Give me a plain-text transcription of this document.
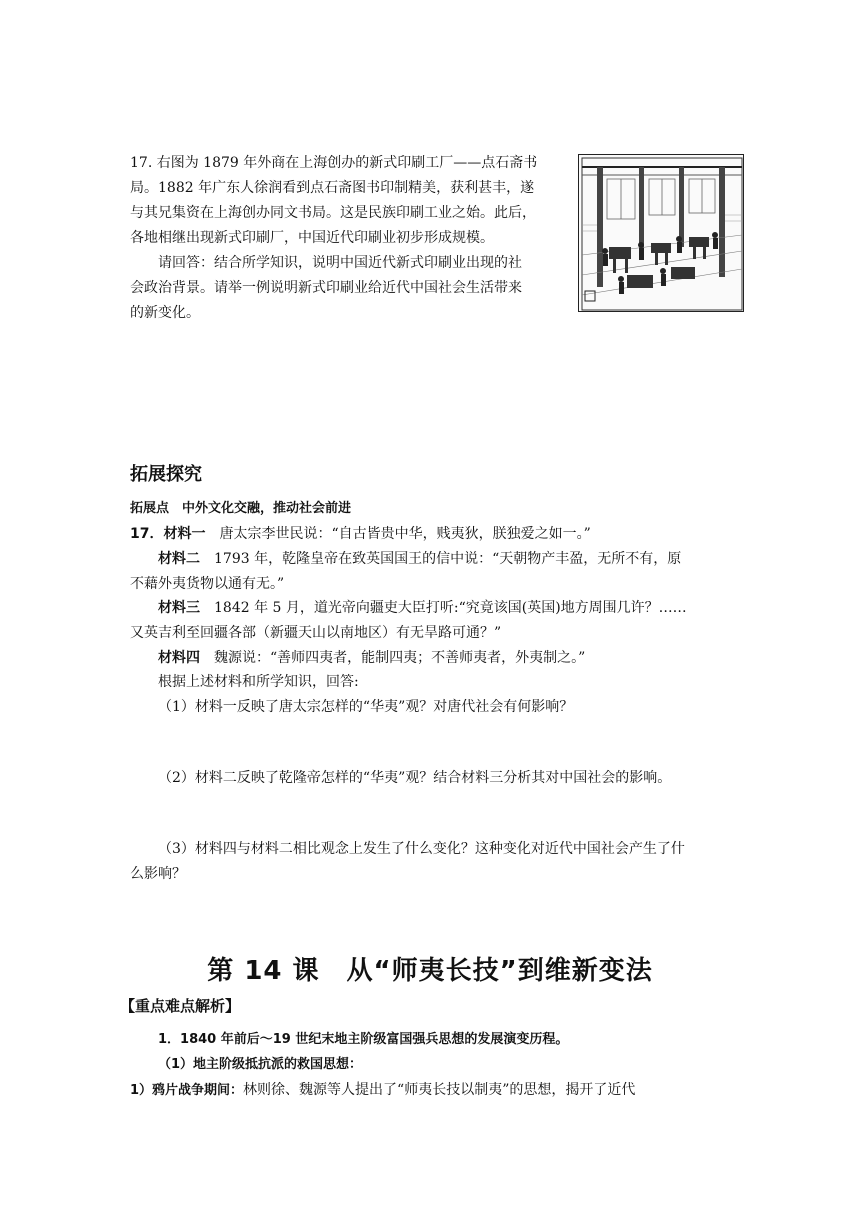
17. 右图为 1879 年外商在上海创办的新式印刷工厂——点石斋书
局。1882 年广东人徐润看到点石斋图书印制精美，获利甚丰，遂
与其兄集资在上海创办同文书局。这是民族印刷工业之始。此后，
各地相继出现新式印刷厂，中国近代印刷业初步形成规模。
请回答：结合所学知识，说明中国近代新式印刷业出现的社
会政治背景。请举一例说明新式印刷业给近代中国社会生活带来
的新变化。
拓展探究
拓展点　中外文化交融，推动社会前进
17．材料一　唐太宗李世民说：“自古皆贵中华，贱夷狄，朕独爱之如一。”
材料二　1793 年，乾隆皇帝在致英国国王的信中说：“天朝物产丰盈，无所不有，原
不藉外夷货物以通有无。”
材料三　1842 年 5 月，道光帝向疆吏大臣打听:“究竟该国(英国)地方周围几许？……
又英吉利至回疆各部（新疆天山以南地区）有无旱路可通？”
材料四　魏源说：“善师四夷者，能制四夷；不善师夷者，外夷制之。”
根据上述材料和所学知识，回答:
（1）材料一反映了唐太宗怎样的“华夷”观？对唐代社会有何影响？
（2）材料二反映了乾隆帝怎样的“华夷”观？结合材料三分析其对中国社会的影响。
（3）材料四与材料二相比观念上发生了什么变化？这种变化对近代中国社会产生了什
么影响？
第 14 课　从“师夷长技”到维新变法
【重点难点解析】
1．1840 年前后～19 世纪末地主阶级富国强兵思想的发展演变历程。
（1）地主阶级抵抗派的救国思想：
1）鸦片战争期间：林则徐、魏源等人提出了“师夷长技以制夷”的思想，揭开了近代
